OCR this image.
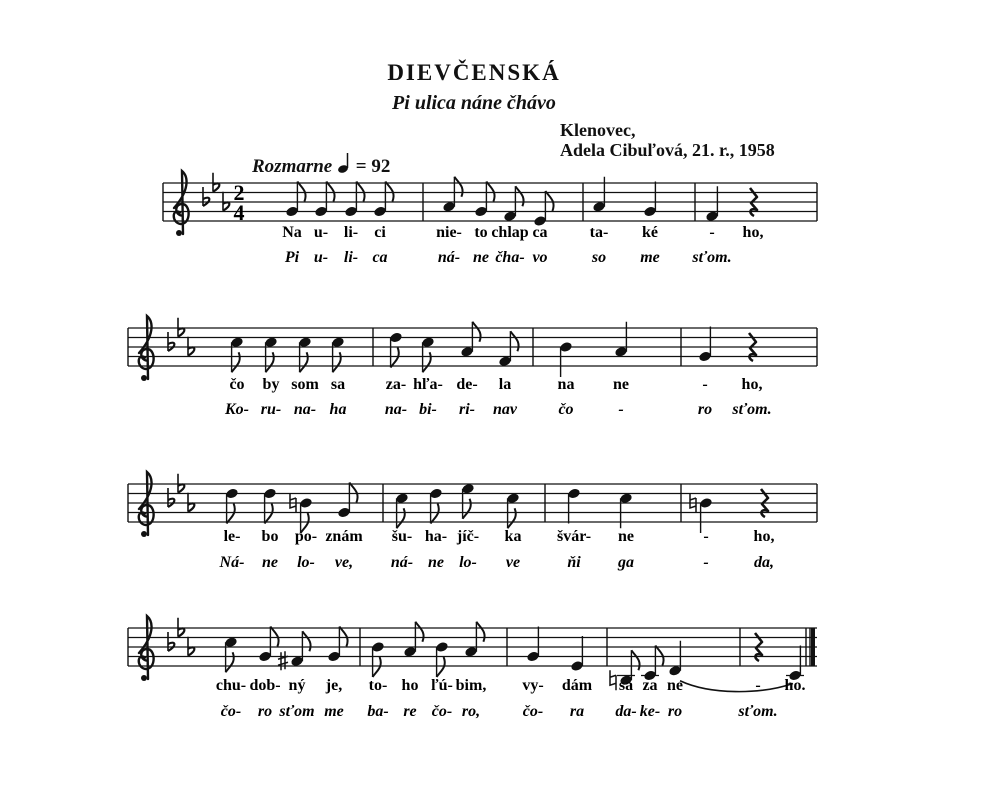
DIEVČENSKÁ
Pi ulica náne čhávo
Klenovec,
Adela Cibuľová, 21. r., 1958
Rozmarne = 92
2
4
Na u- li- ci	nie- to chlap ca	ta- ké	- ho,
Pi u- li- ca	ná- ne čha- vo	so me sťom.
čo by som sa	za- hľa- de- la	na ne	- ho,
Ko- ru- na- ha na- bi- ri- nav	čo	-	ro sťom.
le- bo po- znám šu- ha- jíč- ka švár- ne	-	ho,
Ná- ne lo- ve, ná- ne lo- ve	ňi ga	-	da,
chu- dob- ný je, to- ho ľú- bim, vy- dám sa za ne	- ho.
čo- ro sťom me ba- re čo- ro,	čo- ra da- ke- ro	sťom.
